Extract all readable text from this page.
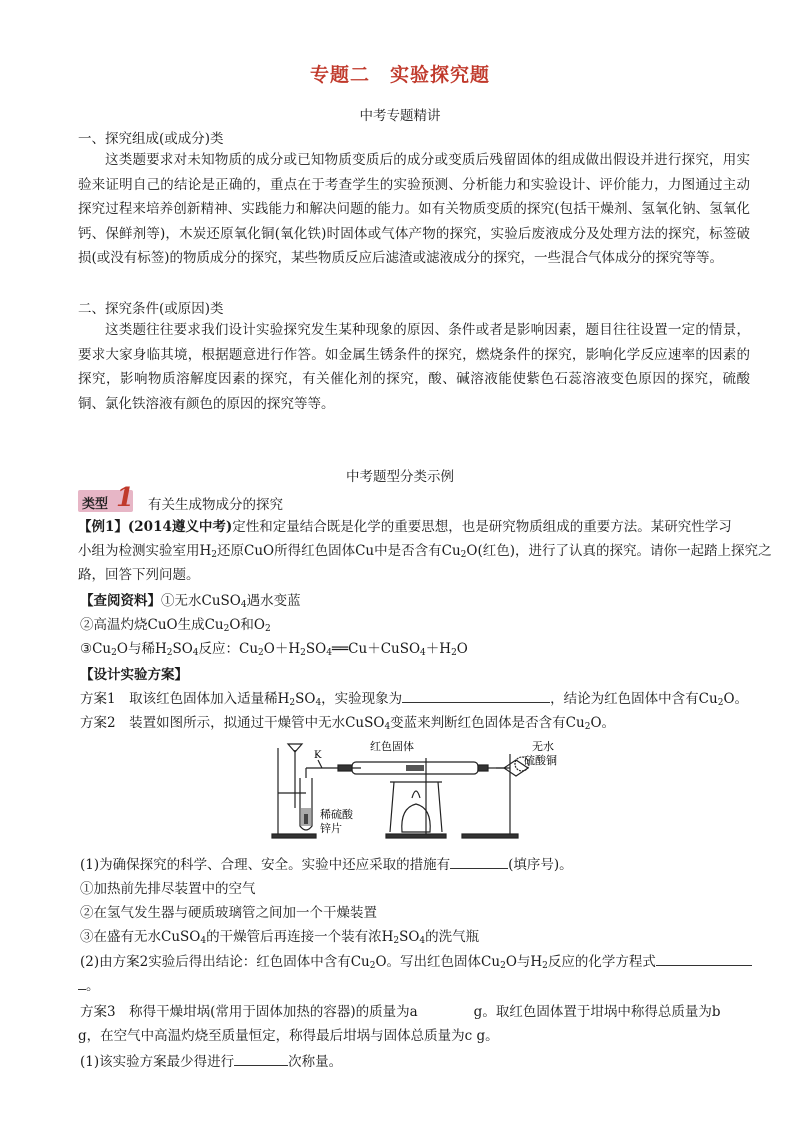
专题二　实验探究题
中考专题精讲
一、探究组成(或成分)类
这类题要求对未知物质的成分或已知物质变质后的成分或变质后残留固体的组成做出假设并进行探究，用实验来证明自己的结论是正确的，重点在于考查学生的实验预测、分析能力和实验设计、评价能力，力图通过主动探究过程来培养创新精神、实践能力和解决问题的能力。如有关物质变质的探究(包括干燥剂、氢氧化钠、氢氧化钙、保鲜剂等)，木炭还原氧化铜(氧化铁)时固体或气体产物的探究，实验后废液成分及处理方法的探究，标签破损(或没有标签)的物质成分的探究，某些物质反应后滤渣或滤液成分的探究，一些混合气体成分的探究等等。
二、探究条件(或原因)类
这类题往往要求我们设计实验探究发生某种现象的原因、条件或者是影响因素，题目往往设置一定的情景，要求大家身临其境，根据题意进行作答。如金属生锈条件的探究，燃烧条件的探究，影响化学反应速率的因素的探究，影响物质溶解度因素的探究，有关催化剂的探究，酸、碱溶液能使紫色石蕊溶液变色原因的探究，硫酸铜、氯化铁溶液有颜色的原因的探究等等。
中考题型分类示例
类型 1 有关生成物成分的探究
【例1】(2014遵义中考)定性和定量结合既是化学的重要思想，也是研究物质组成的重要方法。某研究性学习
小组为检测实验室用$H_2$还原CuO所得红色固体Cu中是否含有$Cu_2O$(红色)，进行了认真的探究。请你一起踏上探究之
路，回答下列问题。
【查阅资料】①无水CuSO$_4$遇水变蓝
②高温灼烧CuO生成$Cu_2O$和$O_2$
$③Cu_2O$与稀$H_2SO_4$反应：$Cu_2O+H_2SO_4══Cu+CuSO_4+H_2O$
【设计实验方案】
方案1　取该红色固体加入适量稀$H_2SO_4$，实验现象为	，结论为红色固体中含有$Cu_2O$。
方案2　装置如图所示，拟通过干燥管中无水CuSO$_4$变蓝来判断红色固体是否含有$Cu_2O$。
K
红色固体	无水
硫酸铜
稀硫酸
锌片
(1)为确保探究的科学、合理、安全。实验中还应采取的措施有	(填序号)。
①加热前先排尽装置中的空气
②在氢气发生器与硬质玻璃管之间加一个干燥装置
③在盛有无水CuSO$_4$的干燥管后再连接一个装有浓$H_2SO_4$的洗气瓶
(2)由方案2实验后得出结论：红色固体中含有$Cu_2O$。写出红色固体$Cu_2O$与$H_2$反应的化学方程式
。
方案3　称得干燥坩埚(常用于固体加热的容器)的质量为a	g。取红色固体置于坩埚中称得总质量为b
g，在空气中高温灼烧至质量恒定，称得最后坩埚与固体总质量为c g。
(1)该实验方案最少得进行	次称量。
